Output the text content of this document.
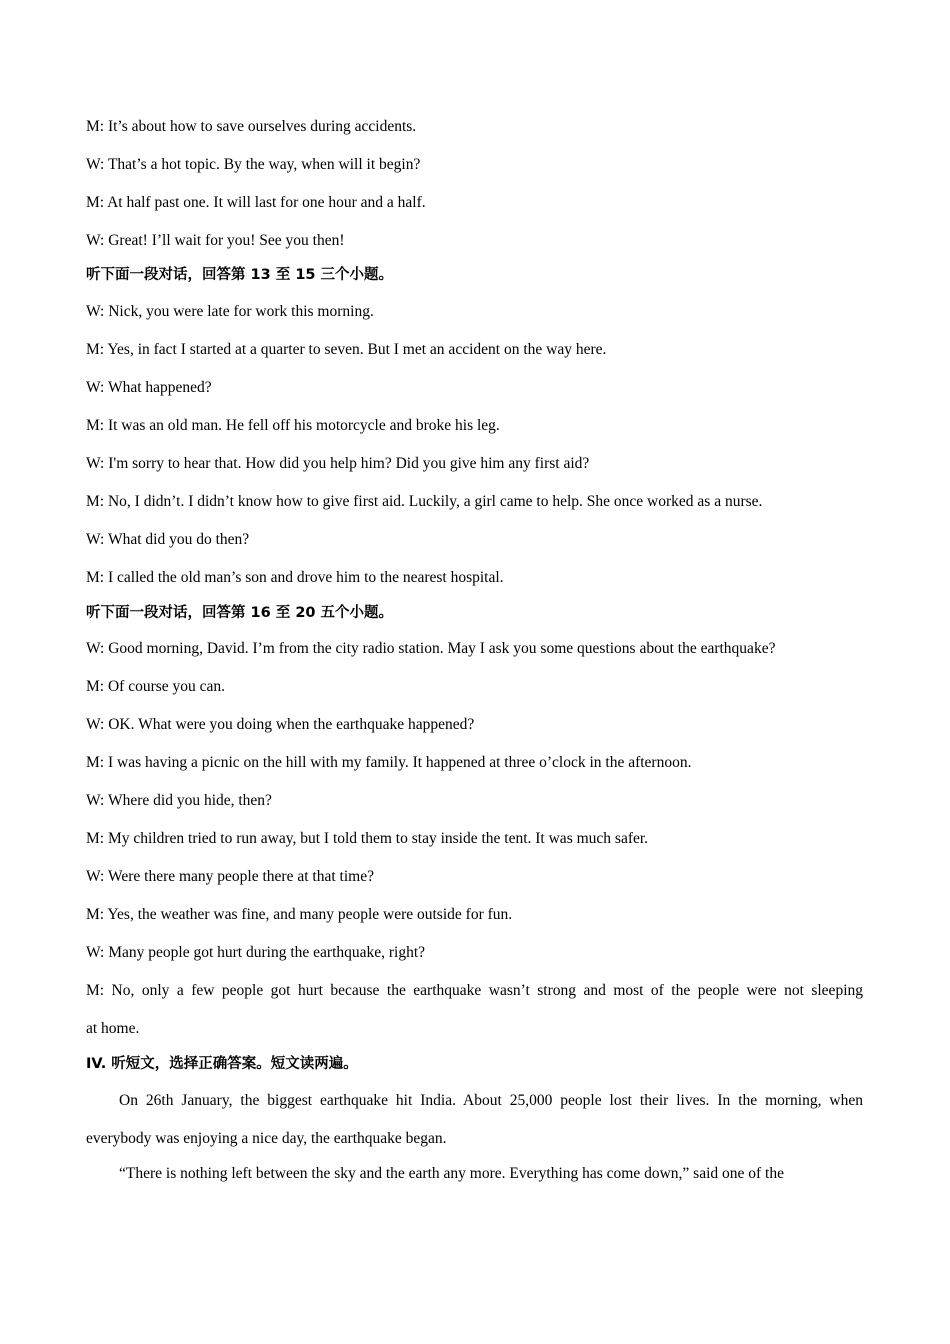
M: It’s about how to save ourselves during accidents.
W: That’s a hot topic. By the way, when will it begin?
M: At half past one. It will last for one hour and a half.
W: Great! I’ll wait for you! See you then!
听下面一段对话，回答第 13 至 15 三个小题。
W: Nick, you were late for work this morning.
M: Yes, in fact I started at a quarter to seven. But I met an accident on the way here.
W: What happened?
M: It was an old man. He fell off his motorcycle and broke his leg.
W: I'm sorry to hear that. How did you help him? Did you give him any first aid?
M: No, I didn’t. I didn’t know how to give first aid. Luckily, a girl came to help. She once worked as a nurse.
W: What did you do then?
M: I called the old man’s son and drove him to the nearest hospital.
听下面一段对话，回答第 16 至 20 五个小题。
W: Good morning, David. I’m from the city radio station. May I ask you some questions about the earthquake?
M: Of course you can.
W: OK. What were you doing when the earthquake happened?
M: I was having a picnic on the hill with my family. It happened at three o’clock in the afternoon.
W: Where did you hide, then?
M: My children tried to run away, but I told them to stay inside the tent. It was much safer.
W: Were there many people there at that time?
M: Yes, the weather was fine, and many people were outside for fun.
W: Many people got hurt during the earthquake, right?
M: No, only a few people got hurt because the earthquake wasn’t strong and most of the people were not sleeping
at home.
IV. 听短文，选择正确答案。短文读两遍。
On 26th January, the biggest earthquake hit India. About 25,000 people lost their lives. In the morning, when
everybody was enjoying a nice day, the earthquake began.
“There is nothing left between the sky and the earth any more. Everything has come down,” said one of the
